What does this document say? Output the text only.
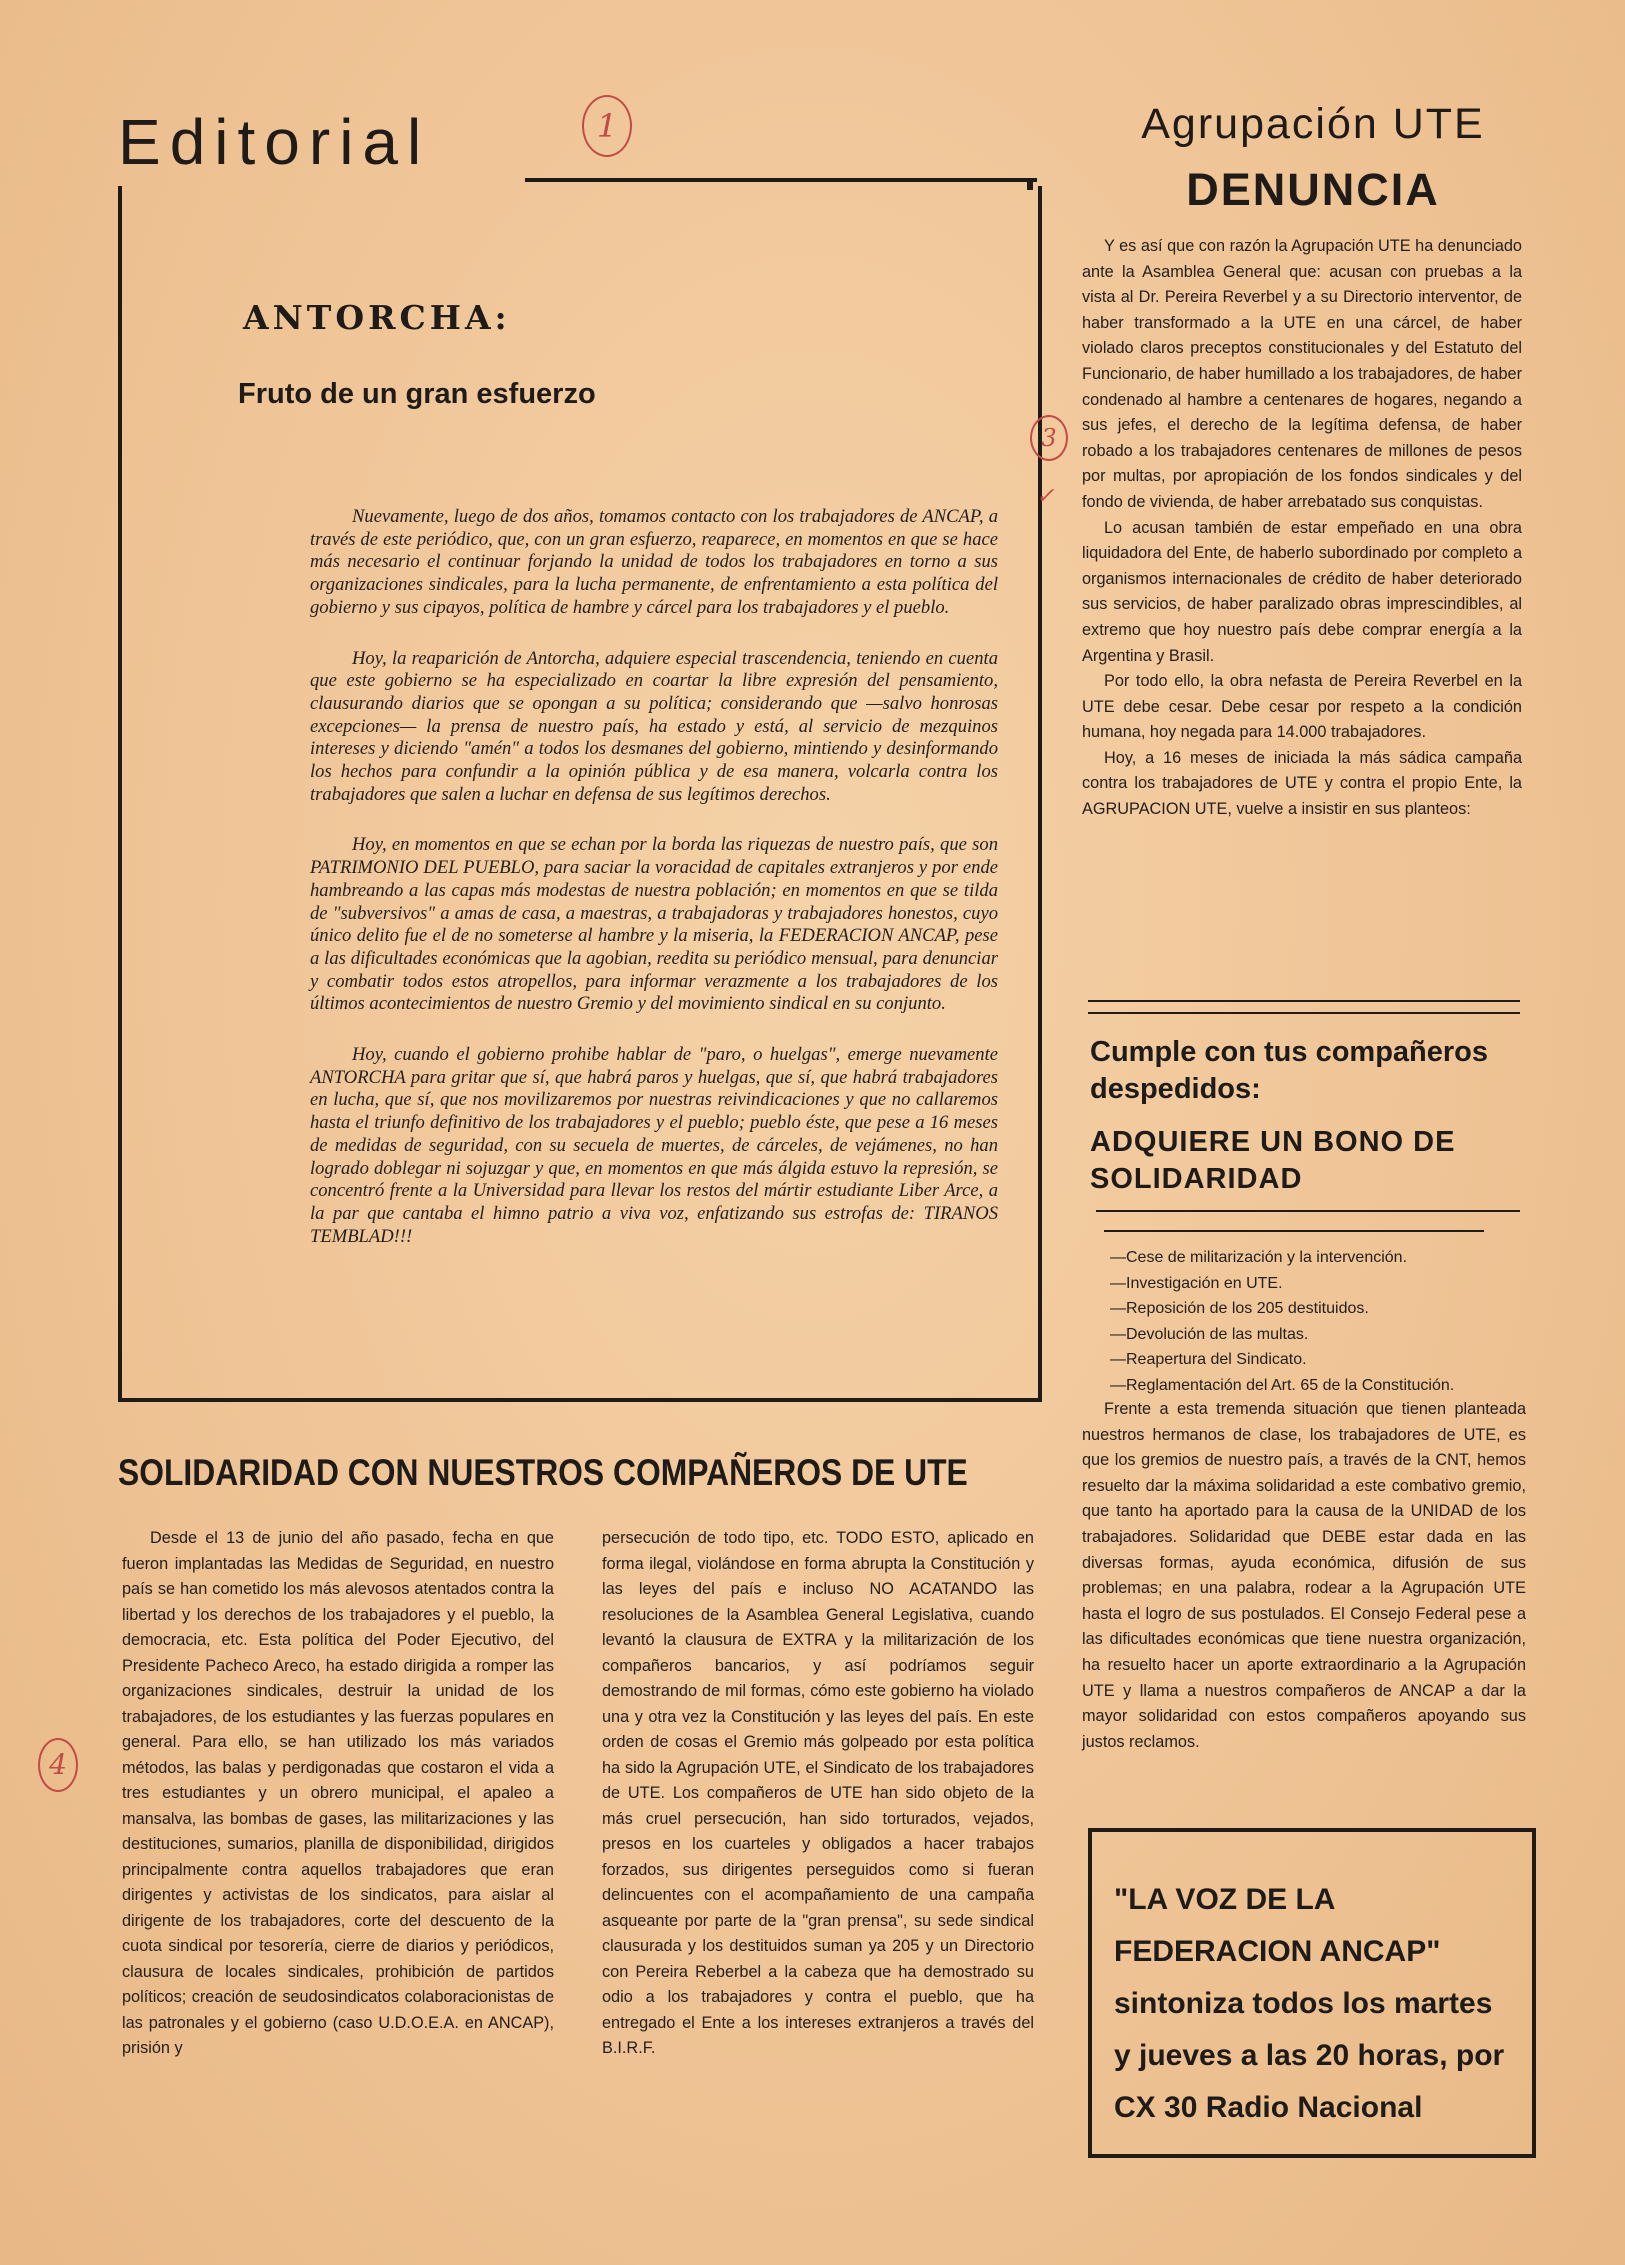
Editorial	1
ANTORCHA:
Fruto de un gran esfuerzo

Nuevamente, luego de dos años, tomamos contacto con los trabajadores de ANCAP, a través de este periódico, que, con un gran esfuerzo, reaparece, en momentos en que se hace más necesario el continuar forjando la unidad de todos los trabajadores en torno a sus organizaciones sindicales, para la lucha permanente, de enfrentamiento a esta política del gobierno y sus cipayos, política de hambre y cárcel para los trabajadores y el pueblo.

Hoy, la reaparición de Antorcha, adquiere especial trascendencia, teniendo en cuenta que este gobierno se ha especializado en coartar la libre expresión del pensamiento, clausurando diarios que se opongan a su política; considerando que —salvo honrosas excepciones— la prensa de nuestro país, ha estado y está, al servicio de mezquinos intereses y diciendo "amén" a todos los desmanes del gobierno, mintiendo y desinformando los hechos para confundir a la opinión pública y de esa manera, volcarla contra los trabajadores que salen a luchar en defensa de sus legítimos derechos.

Hoy, en momentos en que se echan por la borda las riquezas de nuestro país, que son PATRIMONIO DEL PUEBLO, para saciar la voracidad de capitales extranjeros y por ende hambreando a las capas más modestas de nuestra población; en momentos en que se tilda de "subversivos" a amas de casa, a maestras, a trabajadoras y trabajadores honestos, cuyo único delito fue el de no someterse al hambre y la miseria, la FEDERACION ANCAP, pese a las dificultades económicas que la agobian, reedita su periódico mensual, para denunciar y combatir todos estos atropellos, para informar verazmente a los trabajadores de los últimos acontecimientos de nuestro Gremio y del movimiento sindical en su conjunto.

Hoy, cuando el gobierno prohibe hablar de "paro, o huelgas", emerge nuevamente ANTORCHA para gritar que sí, que habrá paros y huelgas, que sí, que habrá trabajadores en lucha, que sí, que nos movilizaremos por nuestras reivindicaciones y que no callaremos hasta el triunfo definitivo de los trabajadores y el pueblo; pueblo éste, que pese a 16 meses de medidas de seguridad, con su secuela de muertes, de cárceles, de vejámenes, no han logrado doblegar ni sojuzgar y que, en momentos en que más álgida estuvo la represión, se concentró frente a la Universidad para llevar los restos del mártir estudiante Liber Arce, a la par que cantaba el himno patrio a viva voz, enfatizando sus estrofas de: TIRANOS TEMBLAD!!!

Agrupación UTE
DENUNCIA
3
✓

Y es así que con razón la Agrupación UTE ha denunciado ante la Asamblea General que: acusan con pruebas a la vista al Dr. Pereira Reverbel y a su Directorio interventor, de haber transformado a la UTE en una cárcel, de haber violado claros preceptos constitucionales y del Estatuto del Funcionario, de haber humillado a los trabajadores, de haber condenado al hambre a centenares de hogares, negando a sus jefes, el derecho de la legítima defensa, de haber robado a los trabajadores centenares de millones de pesos por multas, por apropiación de los fondos sindicales y del fondo de vivienda, de haber arrebatado sus conquistas.

Lo acusan también de estar empeñado en una obra liquidadora del Ente, de haberlo subordinado por completo a organismos internacionales de crédito de haber deteriorado sus servicios, de haber paralizado obras imprescindibles, al extremo que hoy nuestro país debe comprar energía a la Argentina y Brasil.

Por todo ello, la obra nefasta de Pereira Reverbel en la UTE debe cesar. Debe cesar por respeto a la condición humana, hoy negada para 14.000 trabajadores.

Hoy, a 16 meses de iniciada la más sádica campaña contra los trabajadores de UTE y contra el propio Ente, la AGRUPACION UTE, vuelve a insistir en sus planteos:

Cumple con tus compañeros despedidos:
ADQUIERE UN BONO DE SOLIDARIDAD
—Cese de militarización y la intervención.
—Investigación en UTE.
—Reposición de los 205 destituidos.
—Devolución de las multas.
—Reapertura del Sindicato.
—Reglamentación del Art. 65 de la Constitución.

Frente a esta tremenda situación que tienen planteada nuestros hermanos de clase, los trabajadores de UTE, es que los gremios de nuestro país, a través de la CNT, hemos resuelto dar la máxima solidaridad a este combativo gremio, que tanto ha aportado para la causa de la UNIDAD de los trabajadores. Solidaridad que DEBE estar dada en las diversas formas, ayuda económica, difusión de sus problemas; en una palabra, rodear a la Agrupación UTE hasta el logro de sus postulados. El Consejo Federal pese a las dificultades económicas que tiene nuestra organización, ha resuelto hacer un aporte extraordinario a la Agrupación UTE y llama a nuestros compañeros de ANCAP a dar la mayor solidaridad con estos compañeros apoyando sus justos reclamos.

"LA VOZ DE LA FEDERACION ANCAP" sintoniza todos los martes y jueves a las 20 horas, por CX 30 Radio Nacional
SOLIDARIDAD CON NUESTROS COMPAÑEROS DE UTE
4

Desde el 13 de junio del año pasado, fecha en que fueron implantadas las Medidas de Seguridad, en nuestro país se han cometido los más alevosos atentados contra la libertad y los derechos de los trabajadores y el pueblo, la democracia, etc. Esta política del Poder Ejecutivo, del Presidente Pacheco Areco, ha estado dirigida a romper las organizaciones sindicales, destruir la unidad de los trabajadores, de los estudiantes y las fuerzas populares en general. Para ello, se han utilizado los más variados métodos, las balas y perdigonadas que costaron el vida a tres estudiantes y un obrero municipal, el apaleo a mansalva, las bombas de gases, las militarizaciones y las destituciones, sumarios, planilla de disponibilidad, dirigidos principalmente contra aquellos trabajadores que eran dirigentes y activistas de los sindicatos, para aislar al dirigente de los trabajadores, corte del descuento de la cuota sindical por tesorería, cierre de diarios y periódicos, clausura de locales sindicales, prohibición de partidos políticos; creación de seudosindicatos colaboracionistas de las patronales y el gobierno (caso U.D.O.E.A. en ANCAP), prisión y

persecución de todo tipo, etc. TODO ESTO, aplicado en forma ilegal, violándose en forma abrupta la Constitución y las leyes del país e incluso NO ACATANDO las resoluciones de la Asamblea General Legislativa, cuando levantó la clausura de EXTRA y la militarización de los compañeros bancarios, y así podríamos seguir demostrando de mil formas, cómo este gobierno ha violado una y otra vez la Constitución y las leyes del país. En este orden de cosas el Gremio más golpeado por esta política ha sido la Agrupación UTE, el Sindicato de los trabajadores de UTE. Los compañeros de UTE han sido objeto de la más cruel persecución, han sido torturados, vejados, presos en los cuarteles y obligados a hacer trabajos forzados, sus dirigentes perseguidos como si fueran delincuentes con el acompañamiento de una campaña asqueante por parte de la "gran prensa", su sede sindical clausurada y los destituidos suman ya 205 y un Directorio con Pereira Reberbel a la cabeza que ha demostrado su odio a los trabajadores y contra el pueblo, que ha entregado el Ente a los intereses extranjeros a través del B.I.R.F.
